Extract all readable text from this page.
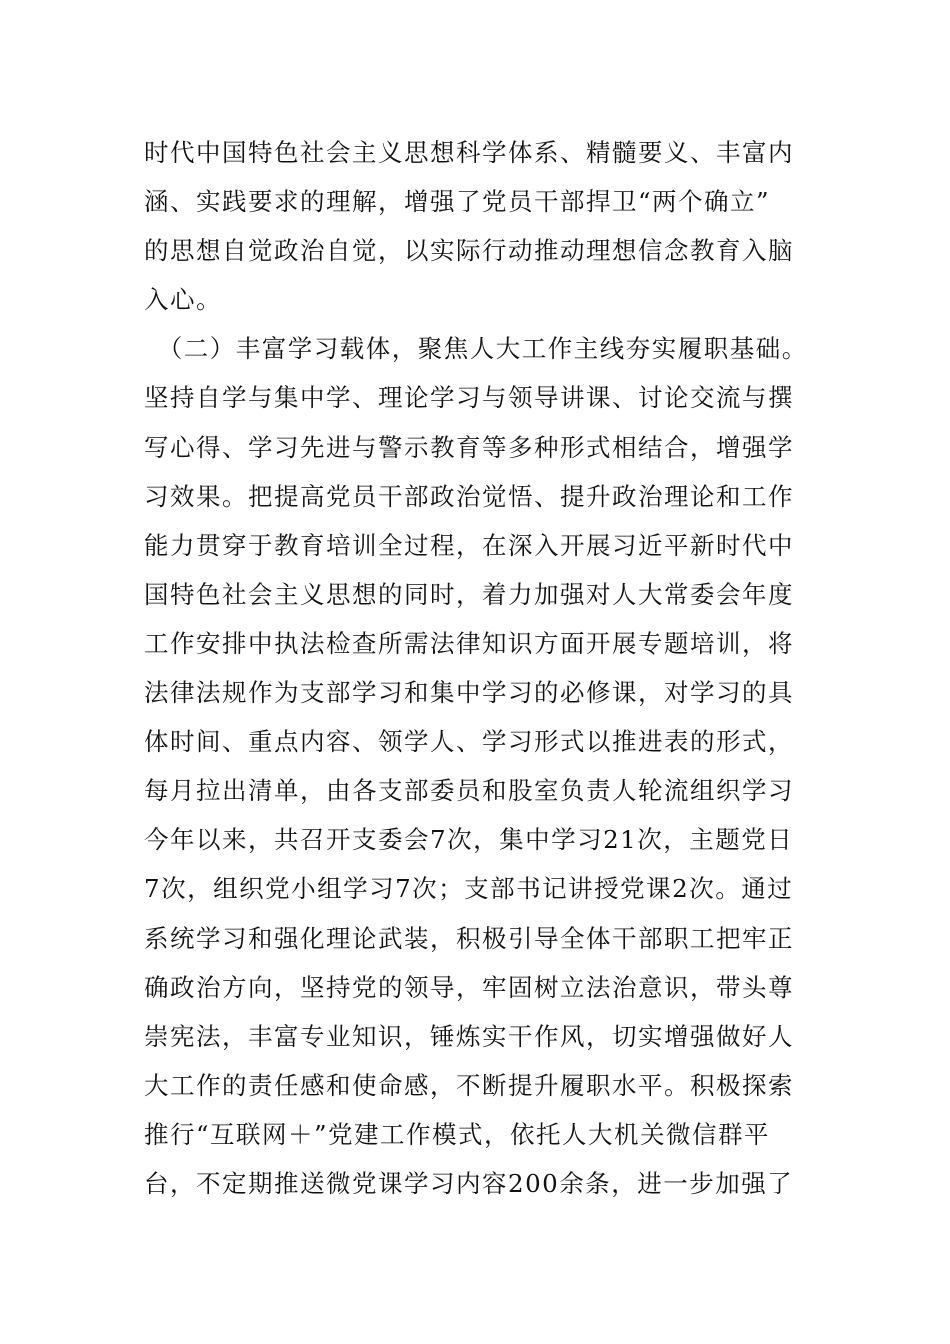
时代中国特色社会主义思想科学体系、精髓要义、丰富内
涵、实践要求的理解，增强了党员干部捍卫“两个确立”
的思想自觉政治自觉，以实际行动推动理想信念教育入脑
入心。
　（二）丰富学习载体，聚焦人大工作主线夯实履职基础。
坚持自学与集中学、理论学习与领导讲课、讨论交流与撰
写心得、学习先进与警示教育等多种形式相结合，增强学
习效果。把提高党员干部政治觉悟、提升政治理论和工作
能力贯穿于教育培训全过程，在深入开展习近平新时代中
国特色社会主义思想的同时，着力加强对人大常委会年度
工作安排中执法检查所需法律知识方面开展专题培训，将
法律法规作为支部学习和集中学习的必修课，对学习的具
体时间、重点内容、领学人、学习形式以推进表的形式，
每月拉出清单，由各支部委员和股室负责人轮流组织学习
今年以来，共召开支委会7次，集中学习21次，主题党日
7次，组织党小组学习7次；支部书记讲授党课2次。通过
系统学习和强化理论武装，积极引导全体干部职工把牢正
确政治方向，坚持党的领导，牢固树立法治意识，带头尊
崇宪法，丰富专业知识，锤炼实干作风，切实增强做好人
大工作的责任感和使命感，不断提升履职水平。积极探索
推行“互联网＋”党建工作模式，依托人大机关微信群平
台，不定期推送微党课学习内容200余条，进一步加强了
